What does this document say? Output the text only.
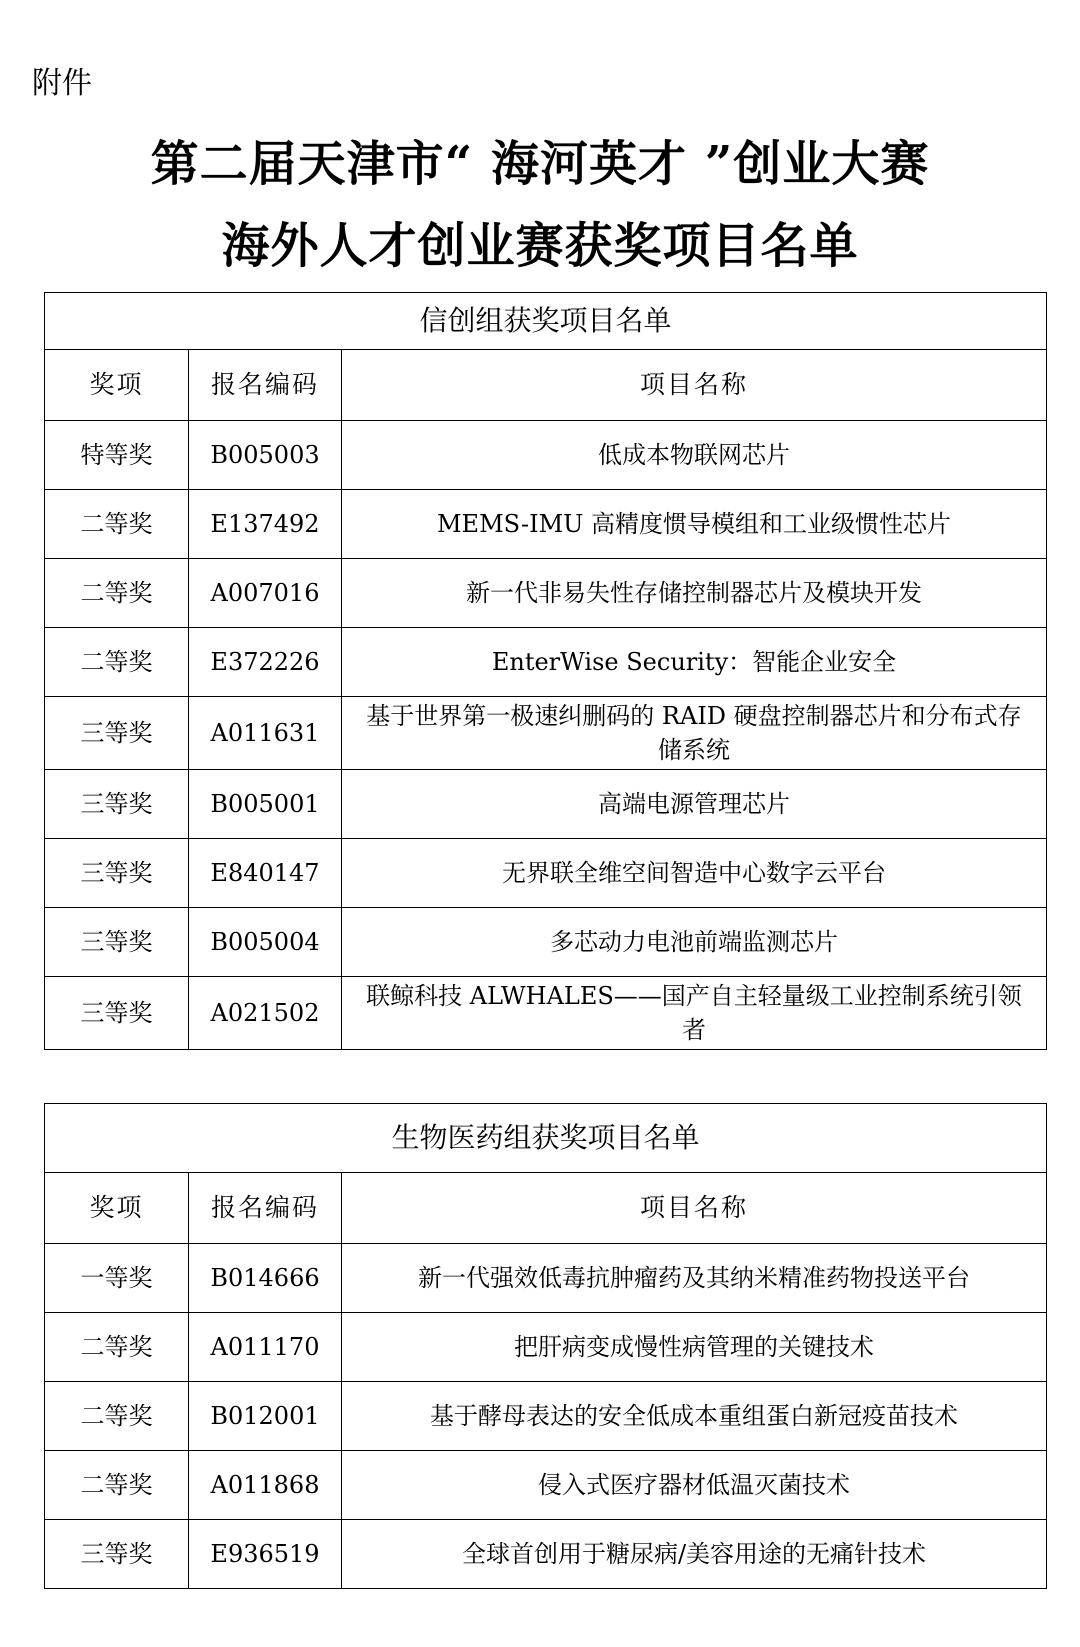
附件
第二届天津市“ 海河英才 ”创业大赛
海外人才创业赛获奖项目名单
信创组获奖项目名单		
奖项	报名编码	项目名称
特等奖	B005003	低成本物联网芯片
二等奖	E137492	MEMS-IMU 高精度惯导模组和工业级惯性芯片
二等奖	A007016	新一代非易失性存储控制器芯片及模块开发
二等奖	E372226	EnterWise Security：智能企业安全
三等奖	A011631	基于世界第一极速纠删码的 RAID 硬盘控制器芯片和分布式存储系统
三等奖	B005001	高端电源管理芯片
三等奖	E840147	无界联全维空间智造中心数字云平台
三等奖	B005004	多芯动力电池前端监测芯片
三等奖	A021502	联鲸科技 ALWHALES——国产自主轻量级工业控制系统引领者
生物医药组获奖项目名单		
奖项	报名编码	项目名称
一等奖	B014666	新一代强效低毒抗肿瘤药及其纳米精准药物投送平台
二等奖	A011170	把肝病变成慢性病管理的关键技术
二等奖	B012001	基于酵母表达的安全低成本重组蛋白新冠疫苗技术
二等奖	A011868	侵入式医疗器材低温灭菌技术
三等奖	E936519	全球首创用于糖尿病/美容用途的无痛针技术
